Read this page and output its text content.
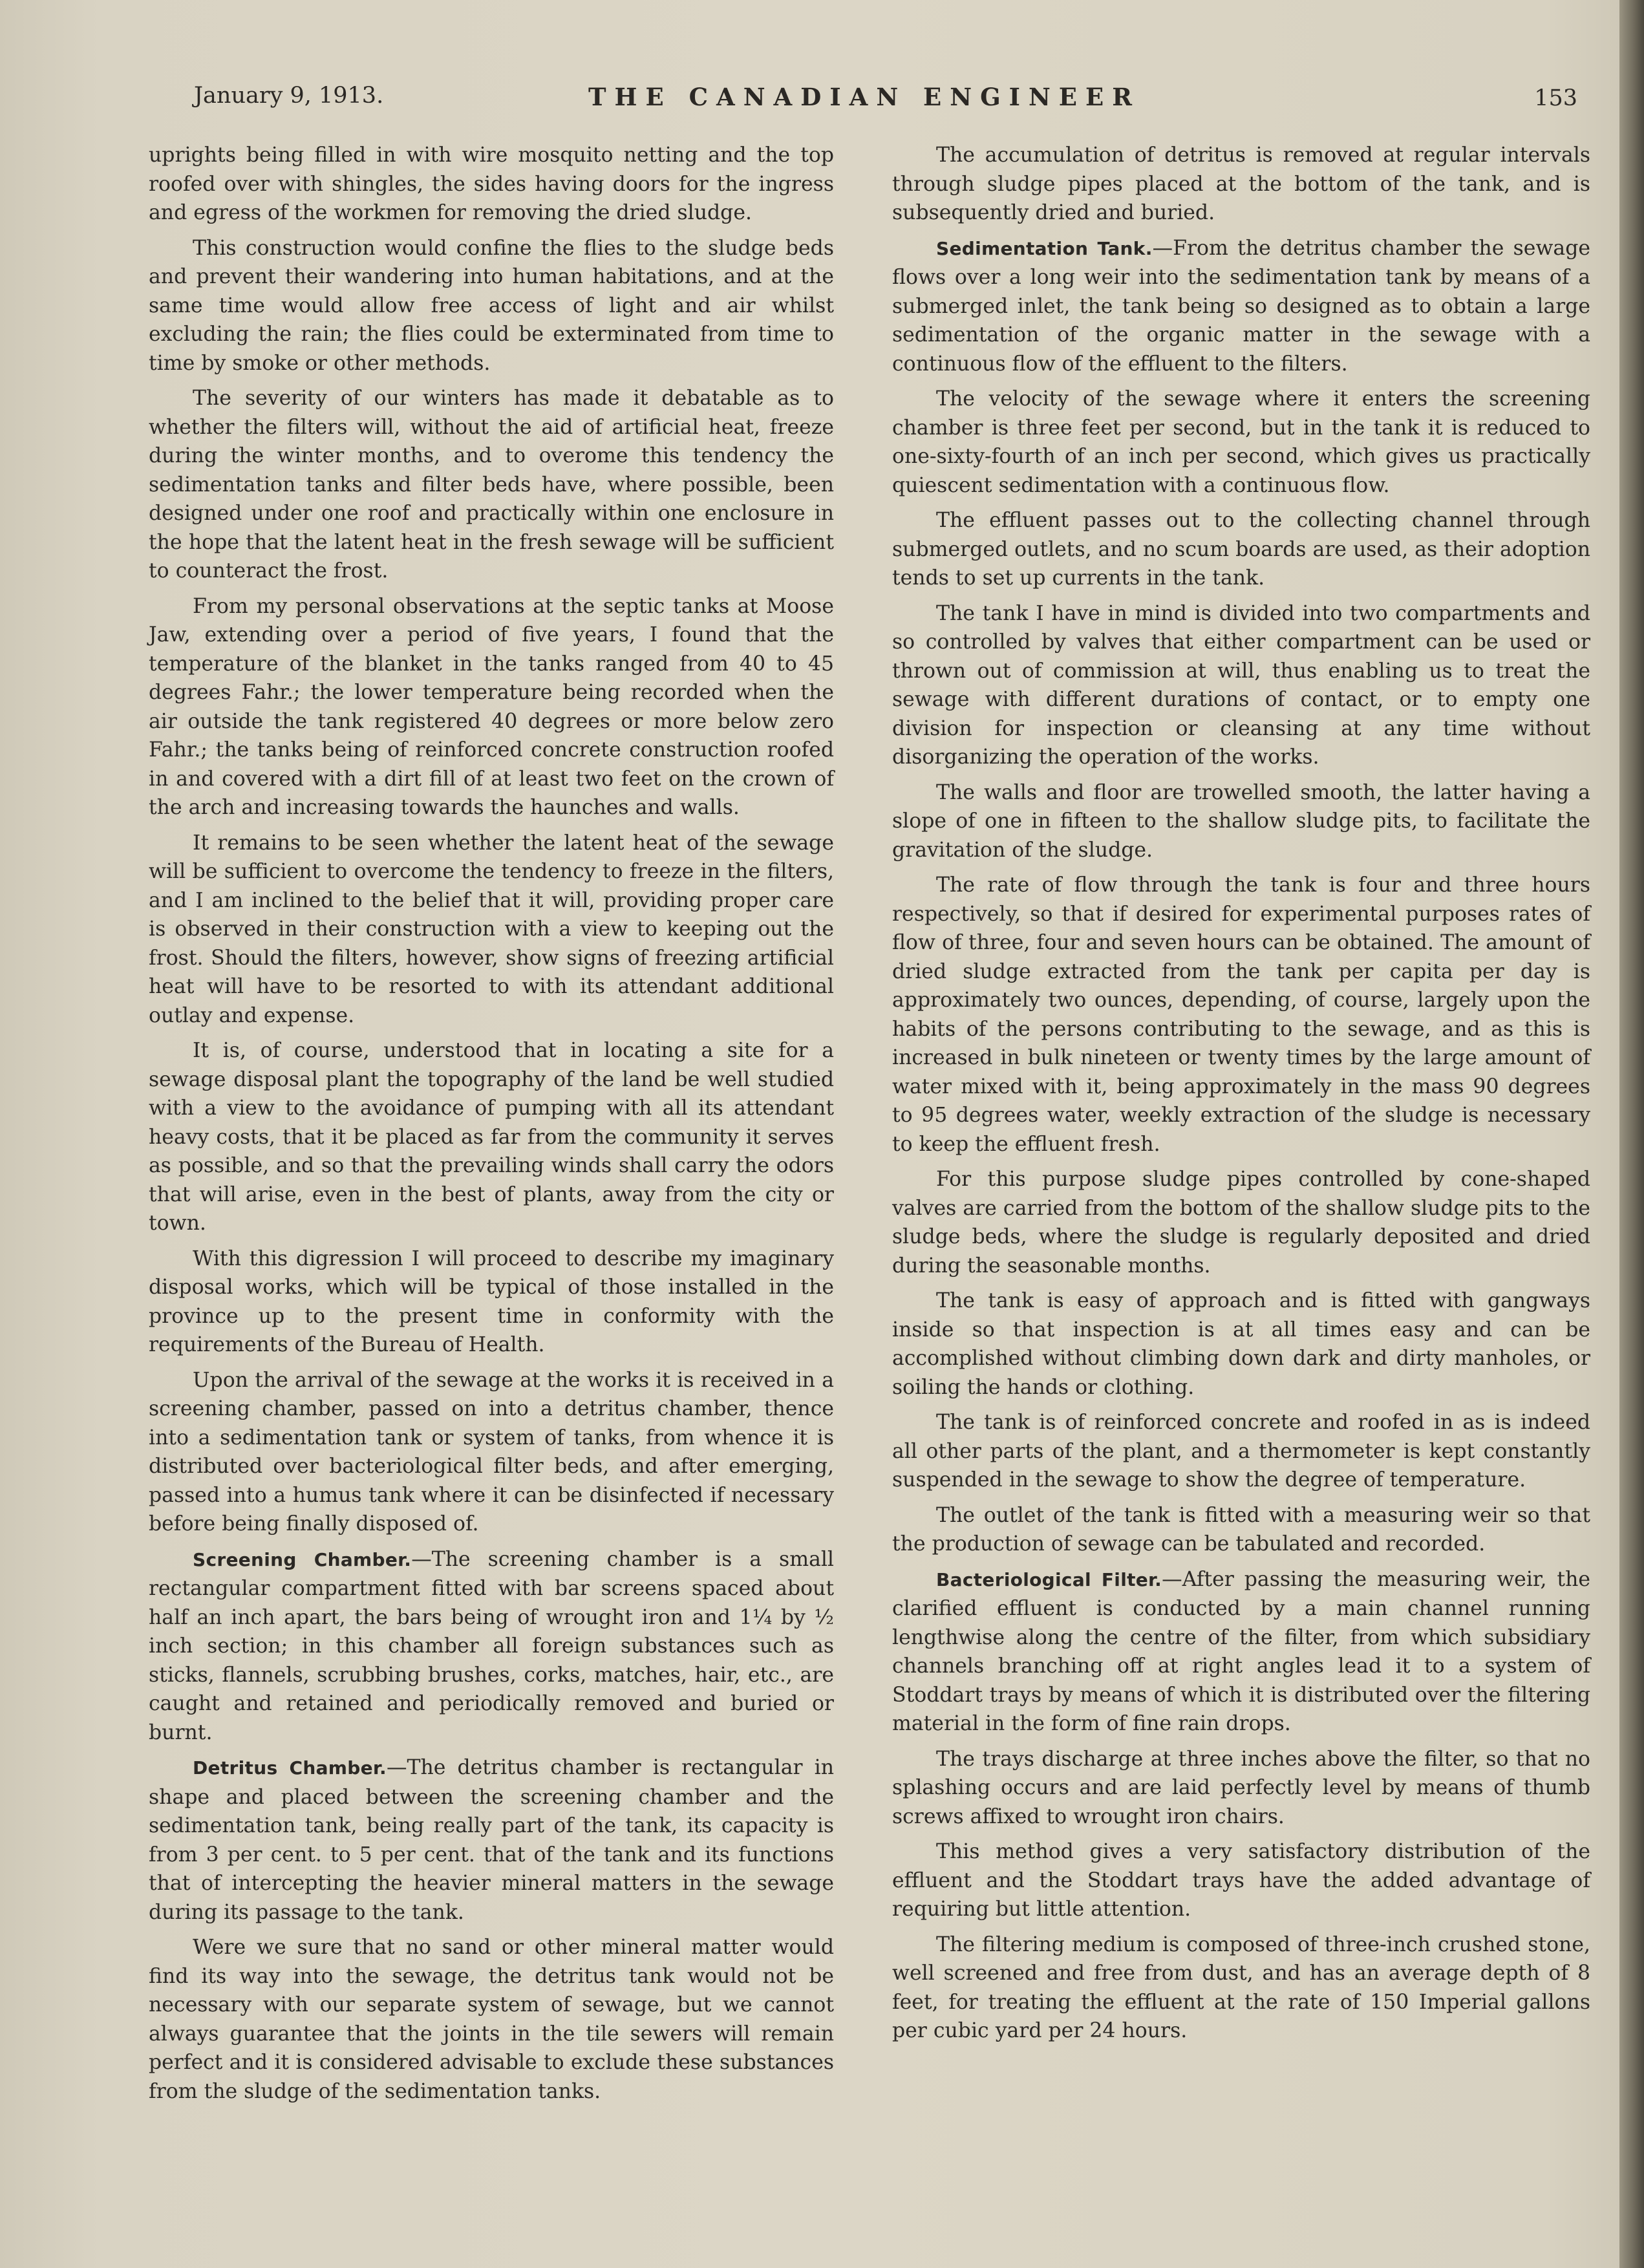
January 9, 1913.	THE CANADIAN ENGINEER	153

uprights being filled in with wire mosquito netting and the top roofed over with shingles, the sides having doors for the ingress and egress of the workmen for removing the dried sludge.

This construction would confine the flies to the sludge beds and prevent their wandering into human habitations, and at the same time would allow free access of light and air whilst excluding the rain; the flies could be exterminated from time to time by smoke or other methods.

The severity of our winters has made it debatable as to whether the filters will, without the aid of artificial heat, freeze during the winter months, and to overome this tendency the sedimentation tanks and filter beds have, where possible, been designed under one roof and practically within one enclosure in the hope that the latent heat in the fresh sewage will be sufficient to counteract the frost.

From my personal observations at the septic tanks at Moose Jaw, extending over a period of five years, I found that the temperature of the blanket in the tanks ranged from 40 to 45 degrees Fahr.; the lower temperature being recorded when the air outside the tank registered 40 degrees or more below zero Fahr.; the tanks being of reinforced concrete construction roofed in and covered with a dirt fill of at least two feet on the crown of the arch and increasing towards the haunches and walls.

It remains to be seen whether the latent heat of the sewage will be sufficient to overcome the tendency to freeze in the filters, and I am inclined to the belief that it will, providing proper care is observed in their construction with a view to keeping out the frost. Should the filters, however, show signs of freezing artificial heat will have to be resorted to with its attendant additional outlay and expense.

It is, of course, understood that in locating a site for a sewage disposal plant the topography of the land be well studied with a view to the avoidance of pumping with all its attendant heavy costs, that it be placed as far from the community it serves as possible, and so that the prevailing winds shall carry the odors that will arise, even in the best of plants, away from the city or town.

With this digression I will proceed to describe my imaginary disposal works, which will be typical of those installed in the province up to the present time in conformity with the requirements of the Bureau of Health.

Upon the arrival of the sewage at the works it is received in a screening chamber, passed on into a detritus chamber, thence into a sedimentation tank or system of tanks, from whence it is distributed over bacteriological filter beds, and after emerging, passed into a humus tank where it can be disinfected if necessary before being finally disposed of.

Screening Chamber.—The screening chamber is a small rectangular compartment fitted with bar screens spaced about half an inch apart, the bars being of wrought iron and 1¼ by ½ inch section; in this chamber all foreign substances such as sticks, flannels, scrubbing brushes, corks, matches, hair, etc., are caught and retained and periodically removed and buried or burnt.

Detritus Chamber.—The detritus chamber is rectangular in shape and placed between the screening chamber and the sedimentation tank, being really part of the tank, its capacity is from 3 per cent. to 5 per cent. that of the tank and its functions that of intercepting the heavier mineral matters in the sewage during its passage to the tank.

Were we sure that no sand or other mineral matter would find its way into the sewage, the detritus tank would not be necessary with our separate system of sewage, but we cannot always guarantee that the joints in the tile sewers will remain perfect and it is considered advisable to exclude these substances from the sludge of the sedimentation tanks.

The accumulation of detritus is removed at regular intervals through sludge pipes placed at the bottom of the tank, and is subsequently dried and buried.

Sedimentation Tank.—From the detritus chamber the sewage flows over a long weir into the sedimentation tank by means of a submerged inlet, the tank being so designed as to obtain a large sedimentation of the organic matter in the sewage with a continuous flow of the effluent to the filters.

The velocity of the sewage where it enters the screening chamber is three feet per second, but in the tank it is reduced to one-sixty-fourth of an inch per second, which gives us practically quiescent sedimentation with a continuous flow.

The effluent passes out to the collecting channel through submerged outlets, and no scum boards are used, as their adoption tends to set up currents in the tank.

The tank I have in mind is divided into two compartments and so controlled by valves that either compartment can be used or thrown out of commission at will, thus enabling us to treat the sewage with different durations of contact, or to empty one division for inspection or cleansing at any time without disorganizing the operation of the works.

The walls and floor are trowelled smooth, the latter having a slope of one in fifteen to the shallow sludge pits, to facilitate the gravitation of the sludge.

The rate of flow through the tank is four and three hours respectively, so that if desired for experimental purposes rates of flow of three, four and seven hours can be obtained. The amount of dried sludge extracted from the tank per capita per day is approximately two ounces, depending, of course, largely upon the habits of the persons contributing to the sewage, and as this is increased in bulk nineteen or twenty times by the large amount of water mixed with it, being approximately in the mass 90 degrees to 95 degrees water, weekly extraction of the sludge is necessary to keep the effluent fresh.

For this purpose sludge pipes controlled by cone-shaped valves are carried from the bottom of the shallow sludge pits to the sludge beds, where the sludge is regularly deposited and dried during the seasonable months.

The tank is easy of approach and is fitted with gangways inside so that inspection is at all times easy and can be accomplished without climbing down dark and dirty manholes, or soiling the hands or clothing.

The tank is of reinforced concrete and roofed in as is indeed all other parts of the plant, and a thermometer is kept constantly suspended in the sewage to show the degree of temperature.

The outlet of the tank is fitted with a measuring weir so that the production of sewage can be tabulated and recorded.

Bacteriological Filter.—After passing the measuring weir, the clarified effluent is conducted by a main channel running lengthwise along the centre of the filter, from which subsidiary channels branching off at right angles lead it to a system of Stoddart trays by means of which it is distributed over the filtering material in the form of fine rain drops.

The trays discharge at three inches above the filter, so that no splashing occurs and are laid perfectly level by means of thumb screws affixed to wrought iron chairs.

This method gives a very satisfactory distribution of the effluent and the Stoddart trays have the added advantage of requiring but little attention.

The filtering medium is composed of three-inch crushed stone, well screened and free from dust, and has an average depth of 8 feet, for treating the effluent at the rate of 150 Imperial gallons per cubic yard per 24 hours.
